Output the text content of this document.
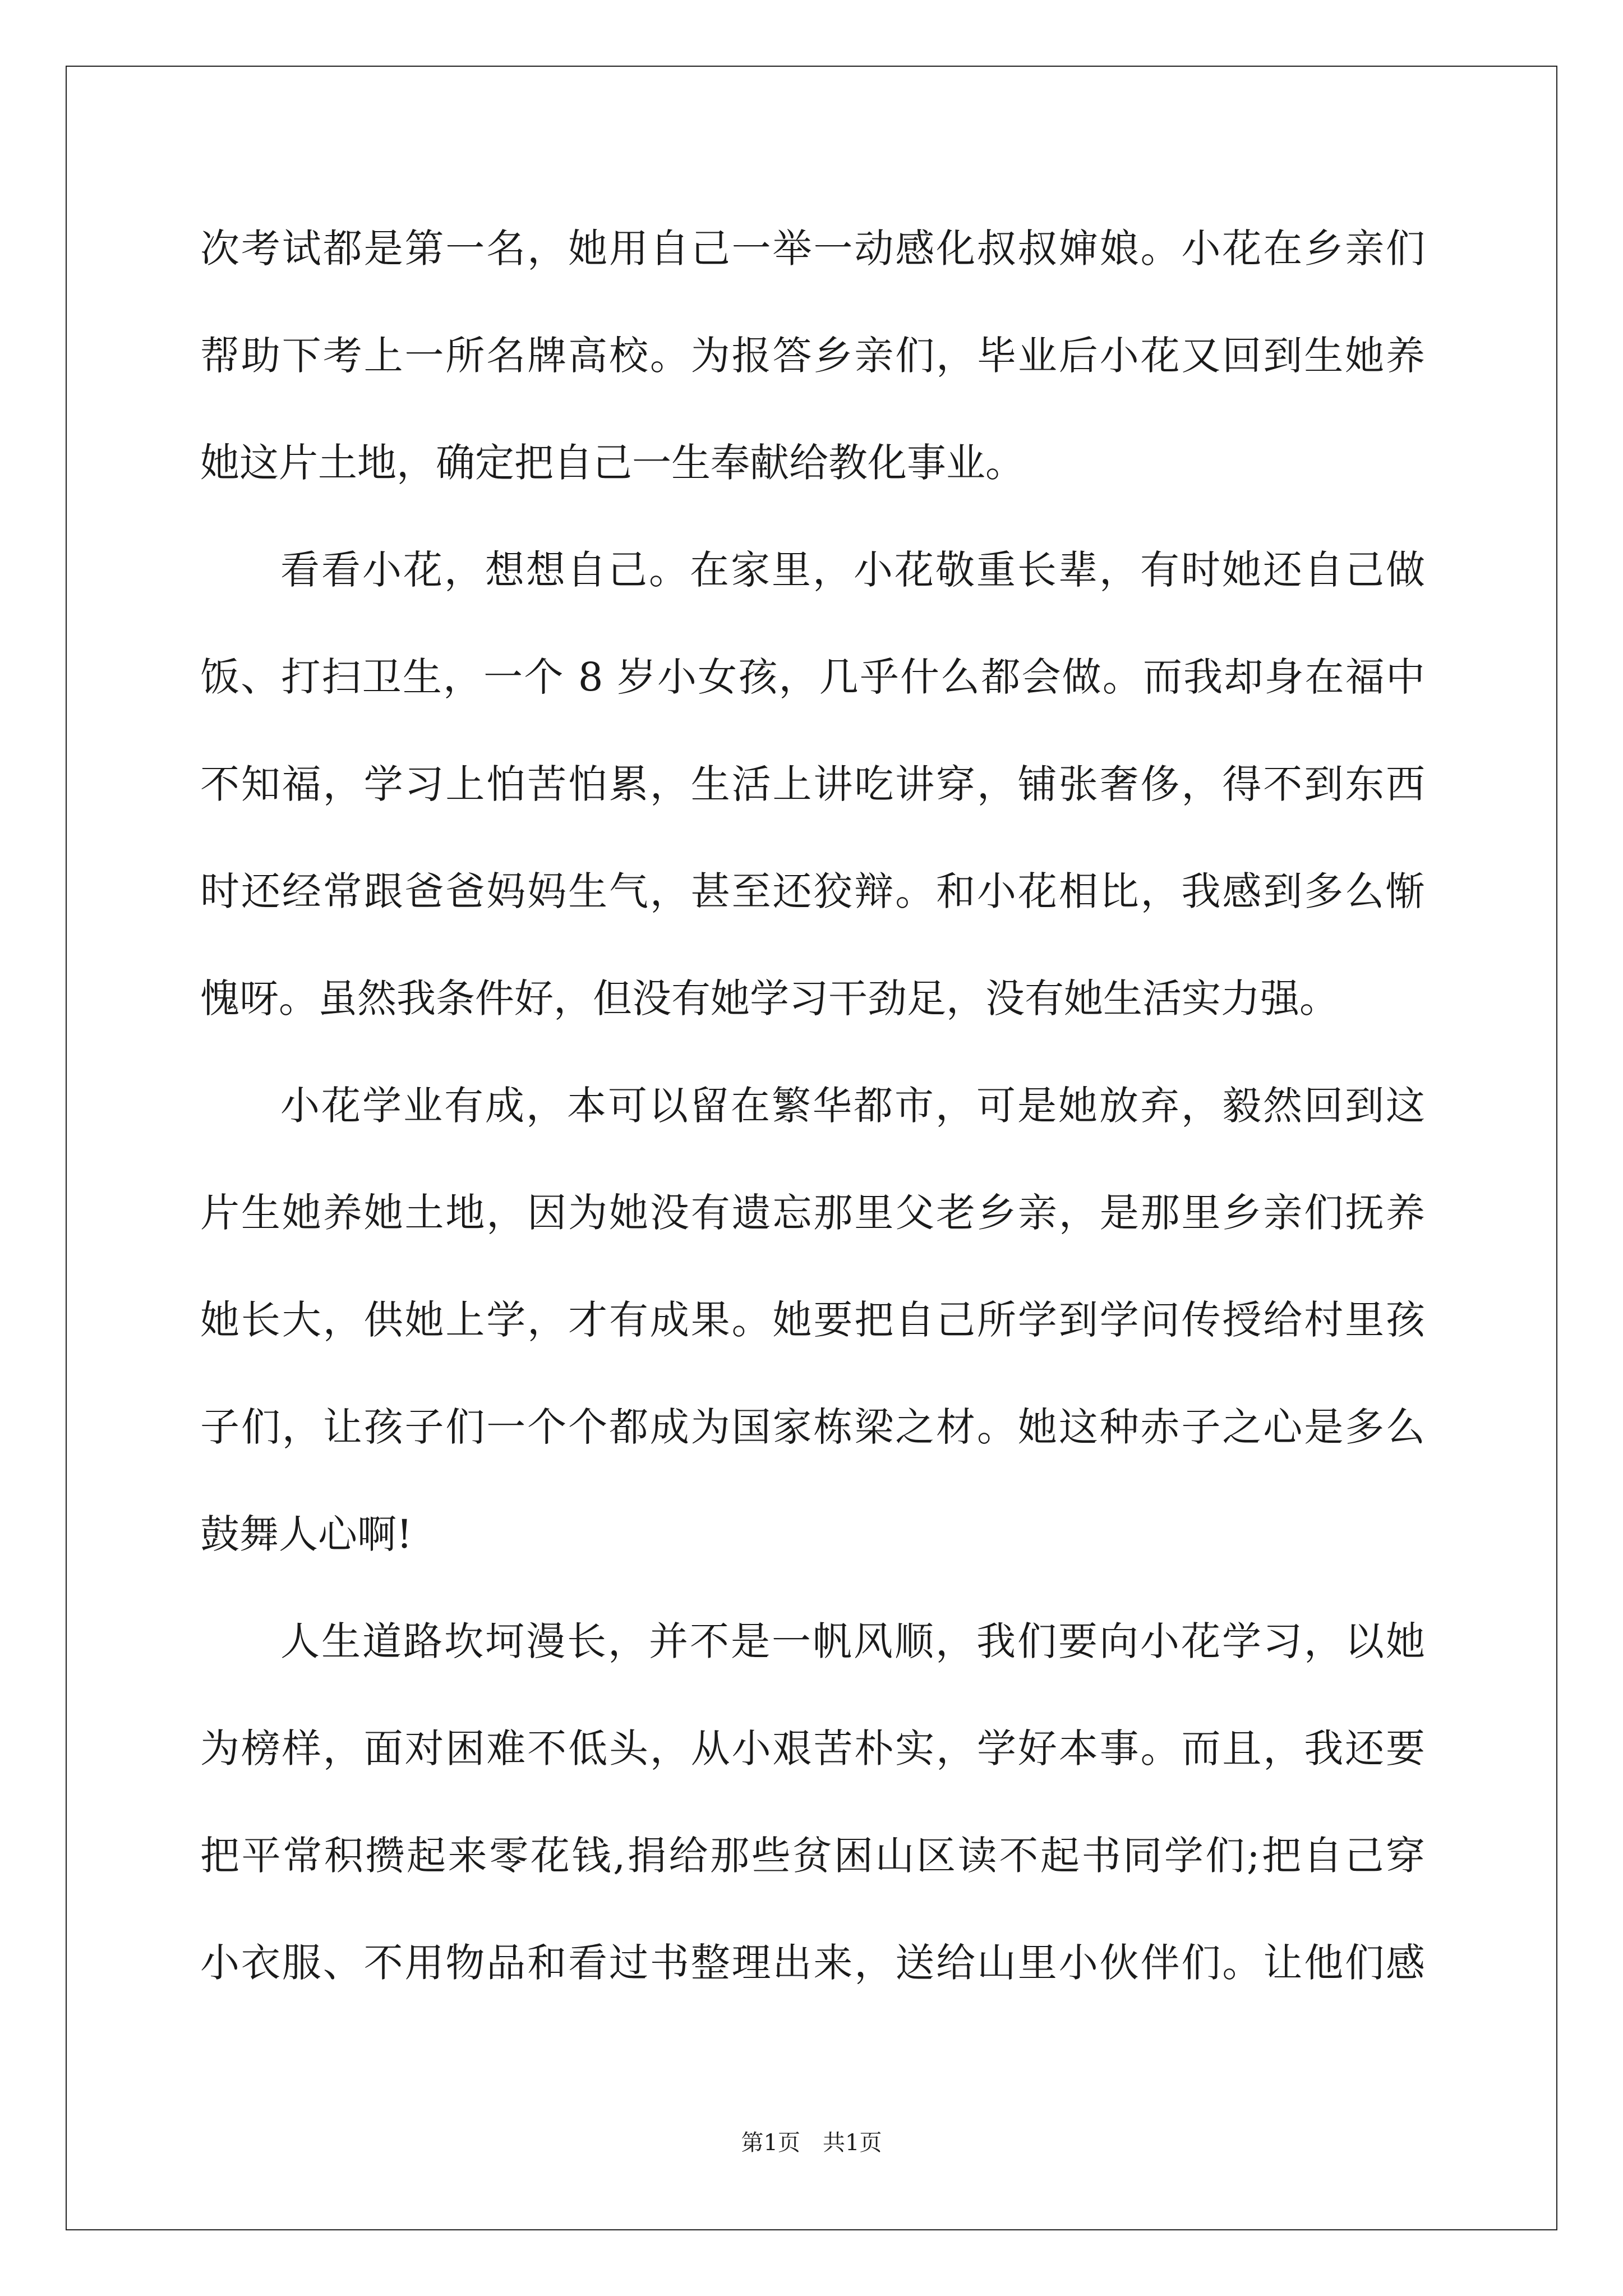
次考试都是第一名，她用自己一举一动感化叔叔婶娘。小花在乡亲们
帮助下考上一所名牌高校。为报答乡亲们，毕业后小花又回到生她养
她这片土地，确定把自己一生奉献给教化事业。
看看小花，想想自己。在家里，小花敬重长辈，有时她还自己做
饭、打扫卫生，一个 8 岁小女孩，几乎什么都会做。而我却身在福中
不知福，学习上怕苦怕累，生活上讲吃讲穿，铺张奢侈，得不到东西
时还经常跟爸爸妈妈生气，甚至还狡辩。和小花相比，我感到多么惭
愧呀。虽然我条件好，但没有她学习干劲足，没有她生活实力强。
小花学业有成，本可以留在繁华都市，可是她放弃，毅然回到这
片生她养她土地，因为她没有遗忘那里父老乡亲，是那里乡亲们抚养
她长大，供她上学，才有成果。她要把自己所学到学问传授给村里孩
子们，让孩子们一个个都成为国家栋梁之材。她这种赤子之心是多么
鼓舞人心啊!
人生道路坎坷漫长，并不是一帆风顺，我们要向小花学习，以她
为榜样，面对困难不低头，从小艰苦朴实，学好本事。而且，我还要
把平常积攒起来零花钱,捐给那些贫困山区读不起书同学们;把自己穿
小衣服、不用物品和看过书整理出来，送给山里小伙伴们。让他们感
第1页　共1页
